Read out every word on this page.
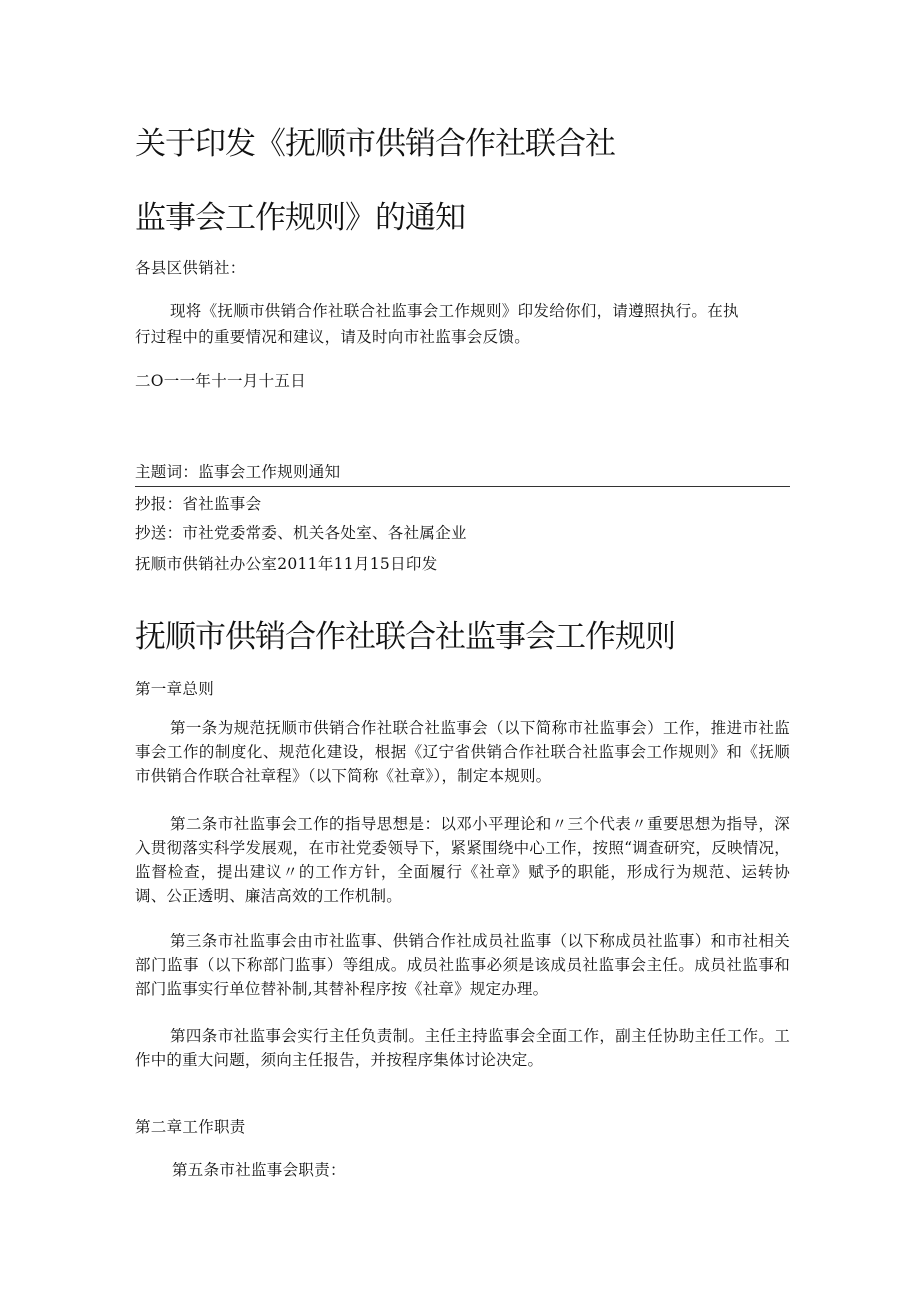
关于印发《抚顺市供销合作社联合社
监事会工作规则》的通知
各县区供销社：
现将《抚顺市供销合作社联合社监事会工作规则》印发给你们，请遵照执行。在执
行过程中的重要情况和建议，请及时向市社监事会反馈。
二O一一年十一月十五日
主题词：监事会工作规则通知
抄报：省社监事会
抄送：市社党委常委、机关各处室、各社属企业
抚顺市供销社办公室2011年11月15日印发
抚顺市供销合作社联合社监事会工作规则
第一章总则

第一条为规范抚顺市供销合作社联合社监事会（以下简称市社监事会）工作，推进市社监事会工作的制度化、规范化建设，根据《辽宁省供销合作社联合社监事会工作规则》和《抚顺市供销合作联合社章程》（以下简称《社章》），制定本规则。

第二条市社监事会工作的指导思想是：以邓小平理论和〃三个代表〃重要思想为指导，深入贯彻落实科学发展观，在市社党委领导下，紧紧围绕中心工作，按照“调查研究，反映情况，监督检查，提出建议〃的工作方针，全面履行《社章》赋予的职能，形成行为规范、运转协调、公正透明、廉洁高效的工作机制。

第三条市社监事会由市社监事、供销合作社成员社监事（以下称成员社监事）和市社相关部门监事（以下称部门监事）等组成。成员社监事必须是该成员社监事会主任。成员社监事和部门监事实行单位替补制,其替补程序按《社章》规定办理。

第四条市社监事会实行主任负责制。主任主持监事会全面工作，副主任协助主任工作。工作中的重大问题，须向主任报告，并按程序集体讨论决定。

第二章工作职责
第五条市社监事会职责：
